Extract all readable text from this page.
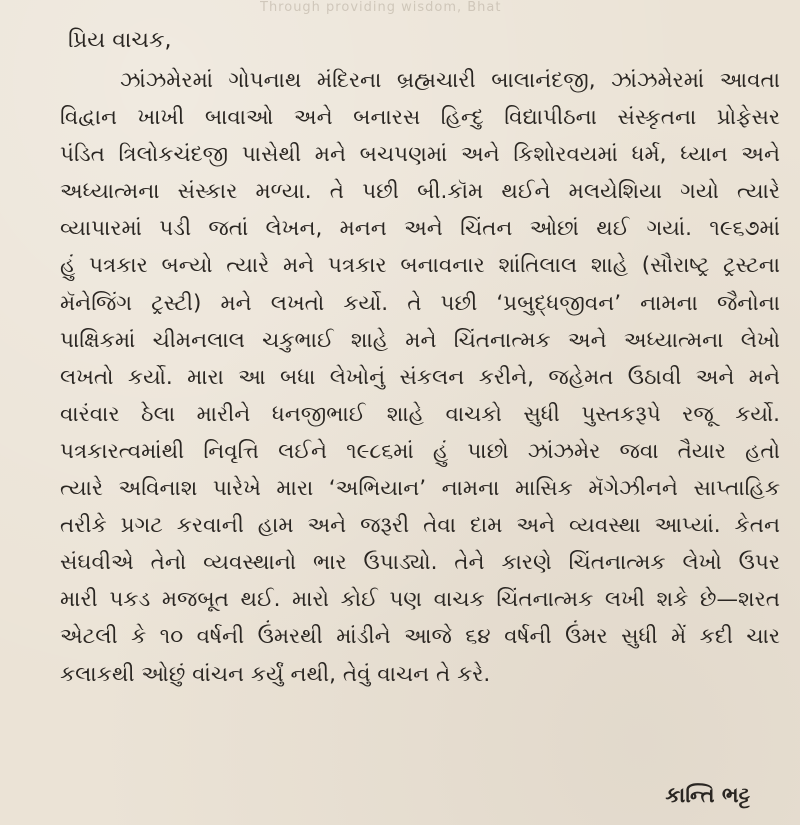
Through providing wisdom, Bhat
પ્રિય વાચક,
ઝાંઝમેરમાં ગોપનાથ મંદિરના બ્રહ્મચારી બાલાનંદજી, ઝાંઝમેરમાં આવતા
વિદ્વાન ખાખી બાવાઓ અને બનારસ હિન્દુ વિદ્યાપીઠના સંસ્કૃતના પ્રોફેસર
પંડિત ત્રિલોકચંદજી પાસેથી મને બચપણમાં અને કિશોરવયમાં ધર્મ, ધ્યાન અને
અધ્યાત્મના સંસ્કાર મળ્યા. તે પછી બી.કૉમ થઈને મલયેશિયા ગયો ત્યારે
વ્યાપારમાં પડી જતાં લેખન, મનન અને ચિંતન ઓછાં થઈ ગયાં. ૧૯૬૭માં
હું પત્રકાર બન્યો ત્યારે મને પત્રકાર બનાવનાર શાંતિલાલ શાહે (સૌરાષ્ટ્ર ટ્રસ્ટના
મૅનેજિંગ ટ્રસ્ટી) મને લખતો કર્યો. તે પછી ‘પ્રબુદ્ધજીવન’ નામના જૈનોના
પાક્ષિકમાં ચીમનલાલ ચકુભાઈ શાહે મને ચિંતનાત્મક અને અધ્યાત્મના લેખો
લખતો કર્યો. મારા આ બધા લેખોનું સંકલન કરીને, જહેમત ઉઠાવી અને મને
વારંવાર ઠેલા મારીને ધનજીભાઈ શાહે વાચકો સુધી પુસ્તકરૂપે રજૂ કર્યો.
પત્રકારત્વમાંથી નિવૃત્તિ લઈને ૧૯૮૬માં હું પાછો ઝાંઝમેર જવા તૈયાર હતો
ત્યારે અવિનાશ પારેખે મારા ‘અભિયાન’ નામના માસિક મૅગેઝીનને સાપ્તાહિક
તરીકે પ્રગટ કરવાની હામ અને જરૂરી તેવા દામ અને વ્યવસ્થા આપ્યાં. કેતન
સંઘવીએ તેનો વ્યવસ્થાનો ભાર ઉપાડ્યો. તેને કારણે ચિંતનાત્મક લેખો ઉપર
મારી પકડ મજબૂત થઈ. મારો કોઈ પણ વાચક ચિંતનાત્મક લખી શકે છે—શરત
એટલી કે ૧૦ વર્ષની ઉંમરથી માંડીને આજે ૬૪ વર્ષની ઉંમર સુધી મેં કદી ચાર
કલાકથી ઓછું વાંચન કર્યું નથી, તેવું વાચન તે કરે.
કાન્તિ ભટ્ટ
